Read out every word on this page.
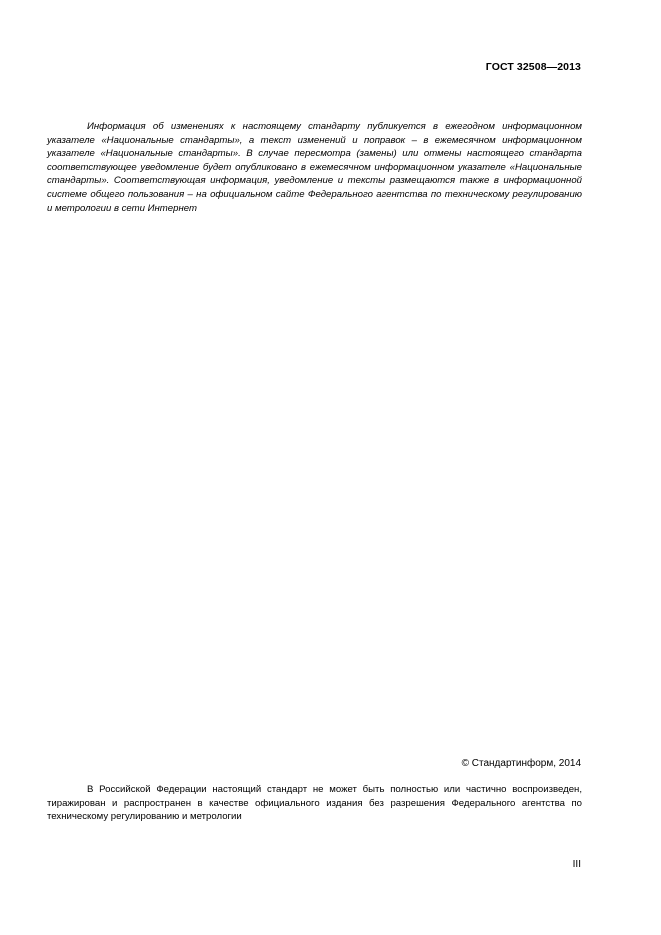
ГОСТ 32508—2013

Информация об изменениях к настоящему стандарту публикуется в ежегодном информационном указателе «Национальные стандарты», а текст изменений и поправок – в ежемесячном информационном указателе «Национальные стандарты». В случае пересмотра (замены) или отмены настоящего стандарта соответствующее уведомление будет опубликовано в ежемесячном информационном указателе «Национальные стандарты». Соответствующая информация, уведомление и тексты размещаются также в информационной системе общего пользования – на официальном сайте Федерального агентства по техническому регулированию и метрологии в сети Интернет

© Стандартинформ, 2014

В Российской Федерации настоящий стандарт не может быть полностью или частично воспроизведен, тиражирован и распространен в качестве официального издания без разрешения Федерального агентства по техническому регулированию и метрологии

III
